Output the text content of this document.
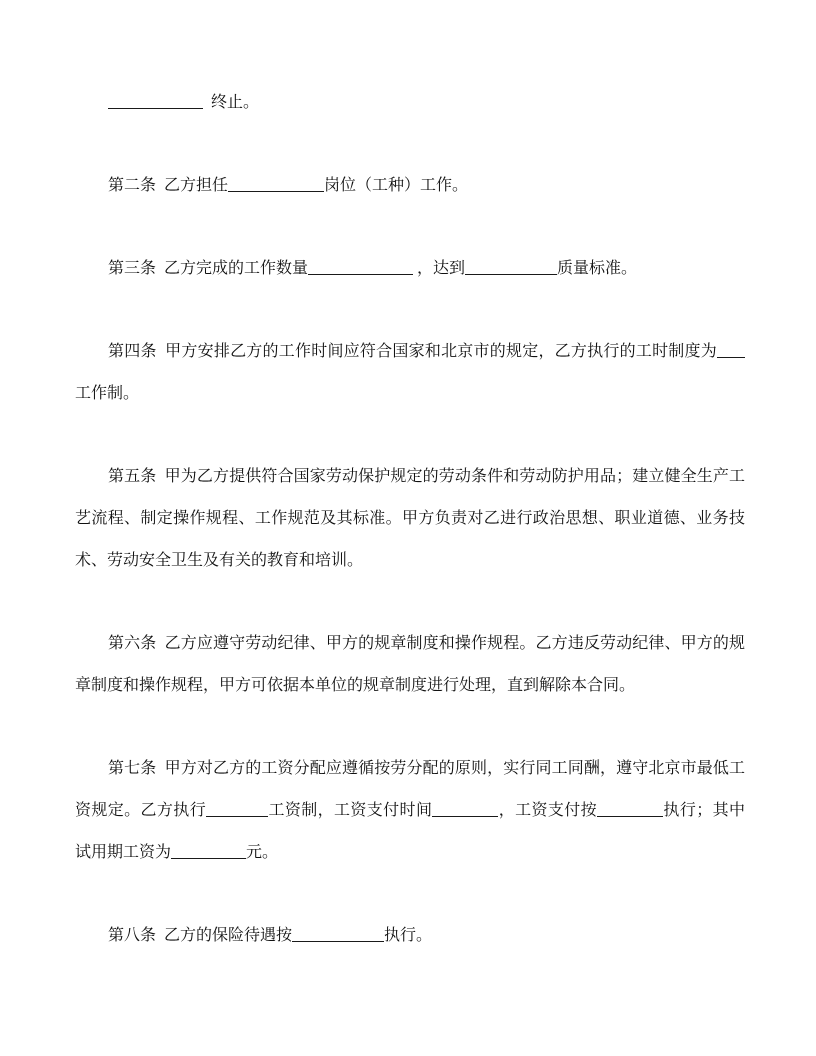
终止。

第二条  乙方担任	岗位（工种）工作。

第三条  乙方完成的工作数量	，达到	质量标准。

第四条  甲方安排乙方的工作时间应符合国家和北京市的规定，乙方执行的工时制度为工作制。

第五条  甲为乙方提供符合国家劳动保护规定的劳动条件和劳动防护用品；建立健全生产工艺流程、制定操作规程、工作规范及其标准。甲方负责对乙进行政治思想、职业道德、业务技术、劳动安全卫生及有关的教育和培训。

第六条  乙方应遵守劳动纪律、甲方的规章制度和操作规程。乙方违反劳动纪律、甲方的规章制度和操作规程，甲方可依据本单位的规章制度进行处理，直到解除本合同。

第七条  甲方对乙方的工资分配应遵循按劳分配的原则，实行同工同酬，遵守北京市最低工资规定。乙方执行	工资制，工资支付时间	，工资支付按	执行；其中试用期工资为	元。

第八条  乙方的保险待遇按	执行。
